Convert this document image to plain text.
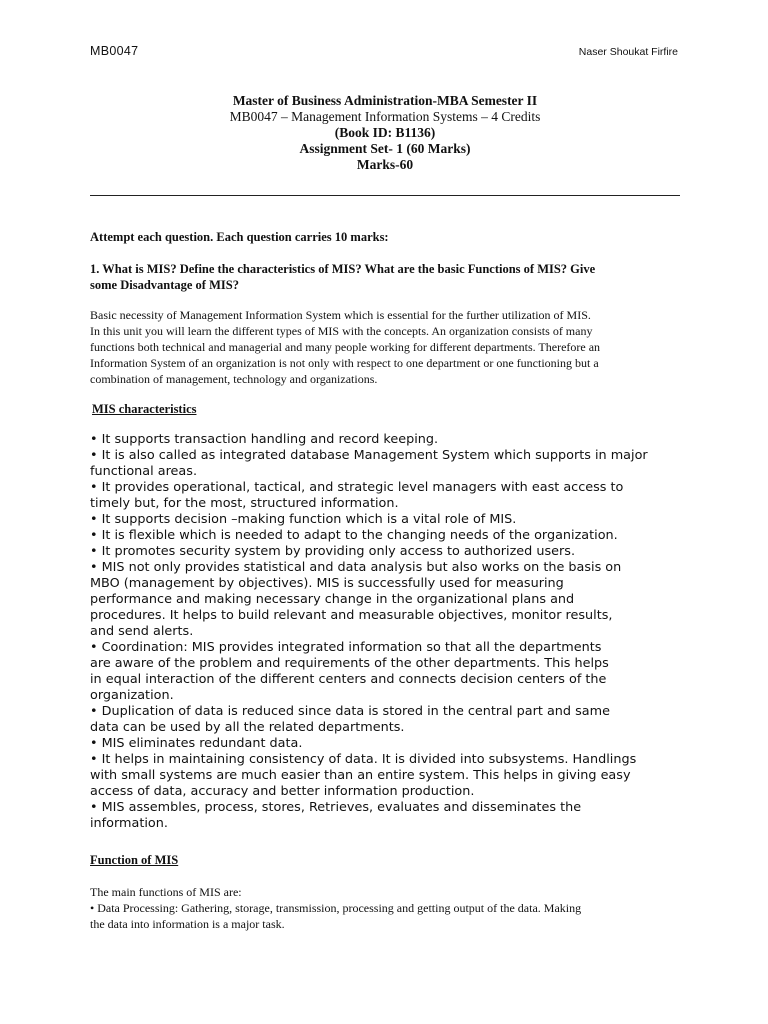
MB0047	Naser Shoukat Firfire
Master of Business Administration-MBA Semester II
MB0047 – Management Information Systems – 4 Credits
(Book ID: B1136)
Assignment Set- 1 (60 Marks)
Marks-60
Attempt each question. Each question carries 10 marks:
1. What is MIS? Define the characteristics of MIS? What are the basic Functions of MIS? Give
some Disadvantage of MIS?
Basic necessity of Management Information System which is essential for the further utilization of MIS.
In this unit you will learn the different types of MIS with the concepts. An organization consists of many
functions both technical and managerial and many people working for different departments. Therefore an
Information System of an organization is not only with respect to one department or one functioning but a
combination of management, technology and organizations.
MIS characteristics
• It supports transaction handling and record keeping.
• It is also called as integrated database Management System which supports in major
functional areas.
• It provides operational, tactical, and strategic level managers with east access to
timely but, for the most, structured information.
• It supports decision –making function which is a vital role of MIS.
• It is flexible which is needed to adapt to the changing needs of the organization.
• It promotes security system by providing only access to authorized users.
• MIS not only provides statistical and data analysis but also works on the basis on
MBO (management by objectives). MIS is successfully used for measuring
performance and making necessary change in the organizational plans and
procedures. It helps to build relevant and measurable objectives, monitor results,
and send alerts.
• Coordination: MIS provides integrated information so that all the departments
are aware of the problem and requirements of the other departments. This helps
in equal interaction of the different centers and connects decision centers of the
organization.
• Duplication of data is reduced since data is stored in the central part and same
data can be used by all the related departments.
• MIS eliminates redundant data.
• It helps in maintaining consistency of data. It is divided into subsystems. Handlings
with small systems are much easier than an entire system. This helps in giving easy
access of data, accuracy and better information production.
• MIS assembles, process, stores, Retrieves, evaluates and disseminates the
information.
Function of MIS
The main functions of MIS are:
• Data Processing: Gathering, storage, transmission, processing and getting output of the data. Making
the data into information is a major task.
